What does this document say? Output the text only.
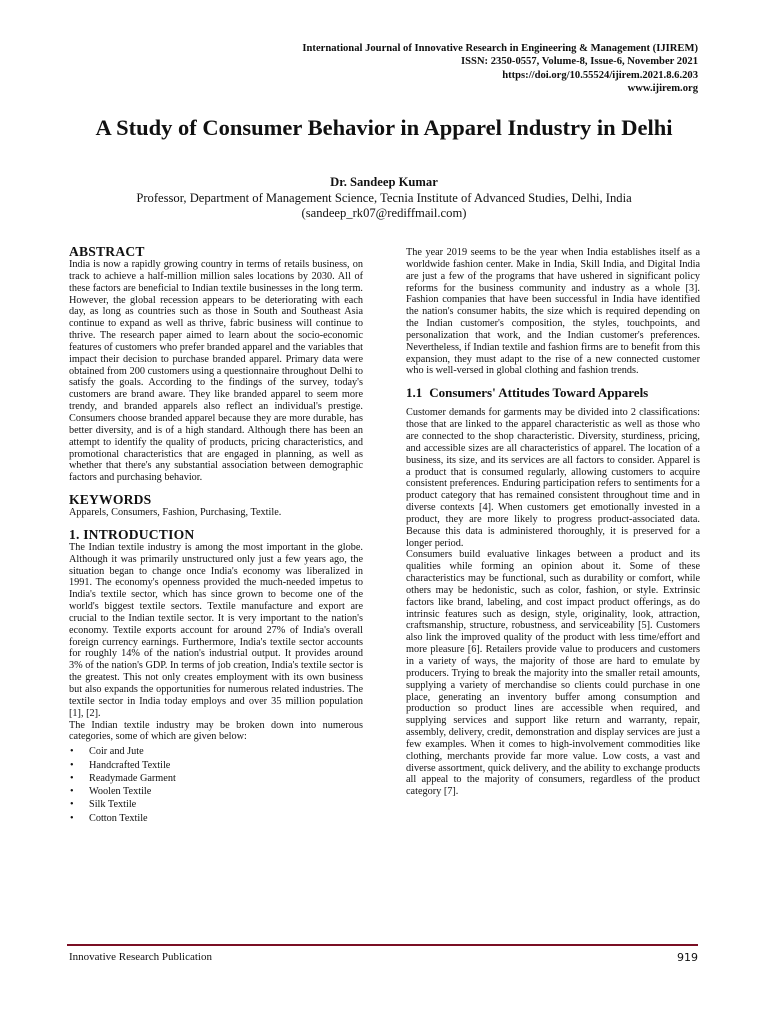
International Journal of Innovative Research in Engineering & Management (IJIREM)
ISSN: 2350-0557, Volume-8, Issue-6, November 2021
https://doi.org/10.55524/ijirem.2021.8.6.203
www.ijirem.org
A Study of Consumer Behavior in Apparel Industry in Delhi
Dr. Sandeep Kumar
Professor, Department of Management Science, Tecnia Institute of Advanced Studies, Delhi, India
(sandeep_rk07@rediffmail.com)
ABSTRACT

India is now a rapidly growing country in terms of retails business, on track to achieve a half-million million sales locations by 2030. All of these factors are beneficial to Indian textile businesses in the long term. However, the global recession appears to be deteriorating with each day, as long as countries such as those in South and Southeast Asia continue to expand as well as thrive, fabric business will continue to thrive. The research paper aimed to learn about the socio-economic features of customers who prefer branded apparel and the variables that impact their decision to purchase branded apparel. Primary data were obtained from 200 customers using a questionnaire throughout Delhi to satisfy the goals. According to the findings of the survey, today's customers are brand aware. They like branded apparel to seem more trendy, and branded apparels also reflect an individual's prestige. Consumers choose branded apparel because they are more durable, has better diversity, and is of a high standard. Although there has been an attempt to identify the quality of products, pricing characteristics, and promotional characteristics that are engaged in planning, as well as whether that there's any substantial association between demographic factors and purchasing behavior.

KEYWORDS

Apparels, Consumers, Fashion, Purchasing, Textile.

1. INTRODUCTION

The Indian textile industry is among the most important in the globe. Although it was primarily unstructured only just a few years ago, the situation began to change once India's economy was liberalized in 1991. The economy's openness provided the much-needed impetus to India's textile sector, which has since grown to become one of the world's biggest textile sectors. Textile manufacture and export are crucial to the Indian textile sector. It is very important to the nation's economy. Textile exports account for around 27% of India's overall foreign currency earnings. Furthermore, India's textile sector accounts for roughly 14% of the nation's industrial output. It provides around 3% of the nation's GDP. In terms of job creation, India's textile sector is the greatest. This not only creates employment with its own business but also expands the opportunities for numerous related industries. The textile sector in India today employs and over 35 million population [1], [2].

The Indian textile industry may be broken down into numerous categories, some of which are given below:

• Coir and Jute
• Handcrafted Textile
• Readymade Garment
• Woolen Textile
• Silk Textile
• Cotton Textile

The year 2019 seems to be the year when India establishes itself as a worldwide fashion center. Make in India, Skill India, and Digital India are just a few of the programs that have ushered in significant policy reforms for the business community and industry as a whole [3]. Fashion companies that have been successful in India have identified the nation's consumer habits, the size which is required depending on the Indian customer's composition, the styles, touchpoints, and personalization that work, and the Indian customer's preferences. Nevertheless, if Indian textile and fashion firms are to benefit from this expansion, they must adapt to the rise of a new connected customer who is well-versed in global clothing and fashion trends.

1.1 Consumers' Attitudes Toward Apparels

Customer demands for garments may be divided into 2 classifications: those that are linked to the apparel characteristic as well as those who are connected to the shop characteristic. Diversity, sturdiness, pricing, and accessible sizes are all characteristics of apparel. The location of a business, its size, and its services are all factors to consider. Apparel is a product that is consumed regularly, allowing customers to acquire consistent preferences. Enduring participation refers to sentiments for a product category that has remained consistent throughout time and in diverse contexts [4]. When customers get emotionally invested in a product, they are more likely to progress product-associated data. Because this data is administered thoroughly, it is preserved for a longer period.

Consumers build evaluative linkages between a product and its qualities while forming an opinion about it. Some of these characteristics may be functional, such as durability or comfort, while others may be hedonistic, such as color, fashion, or style. Extrinsic factors like brand, labeling, and cost impact product offerings, as do intrinsic features such as design, style, originality, look, attraction, craftsmanship, structure, robustness, and serviceability [5]. Customers also link the improved quality of the product with less time/effort and more pleasure [6]. Retailers provide value to producers and customers in a variety of ways, the majority of those are hard to emulate by producers. Trying to break the majority into the smaller retail amounts, supplying a variety of merchandise so clients could purchase in one place, generating an inventory buffer among consumption and production so product lines are accessible when required, and supplying services and support like return and warranty, repair, assembly, delivery, credit, demonstration and display services are just a few examples. When it comes to high-involvement commodities like clothing, merchants provide far more value. Low costs, a vast and diverse assortment, quick delivery, and the ability to exchange products all appeal to the majority of consumers, regardless of the product category [7].

Innovative Research Publication	919
